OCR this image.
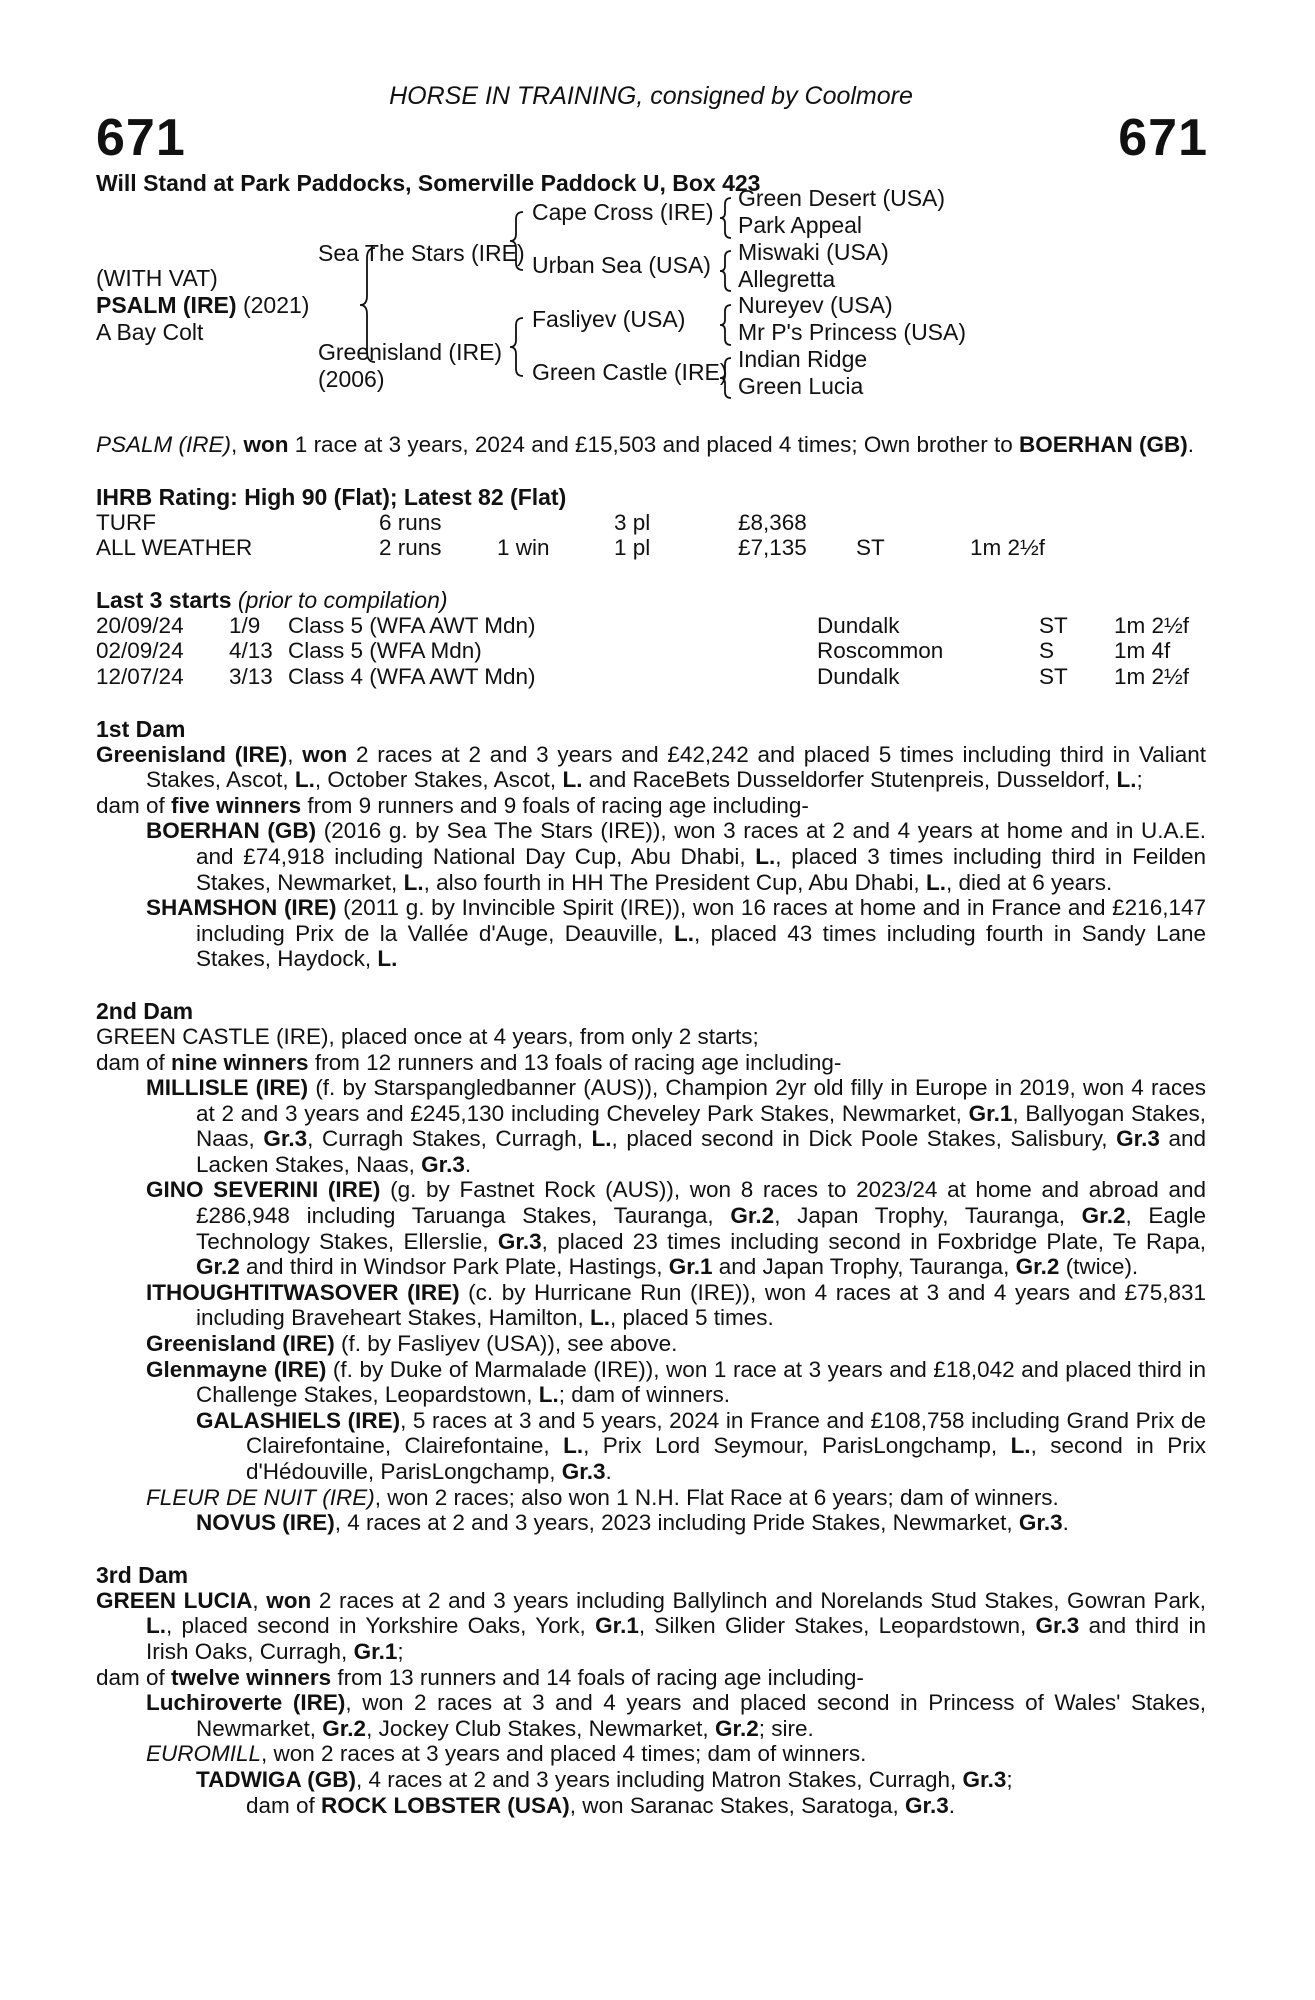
HORSE IN TRAINING, consigned by Coolmore
671	671
Will Stand at Park Paddocks, Somerville Paddock U, Box 423
(WITH VAT)
PSALM (IRE) (2021)
A Bay Colt
Sea The Stars (IRE)
Greenisland (IRE)
(2006)
Cape Cross (IRE)
Urban Sea (USA)
Fasliyev (USA)
Green Castle (IRE)
Green Desert (USA)
Park Appeal
Miswaki (USA)
Allegretta
Nureyev (USA)
Mr P's Princess (USA)
Indian Ridge
Green Lucia
PSALM (IRE), won 1 race at 3 years, 2024 and £15,503 and placed 4 times; Own brother to BOERHAN (GB).
IHRB Rating: High 90 (Flat); Latest 82 (Flat)
TURF	6 runs	3 pl	£8,368
ALL WEATHER	2 runs 1 win	1 pl	£7,135 ST	1m 2½f
Last 3 starts (prior to compilation)
20/09/24 1/9 Class 5 (WFA AWT Mdn)	Dundalk	ST 1m 2½f
02/09/24 4/13 Class 5 (WFA Mdn)	Roscommon	S	1m 4f
12/07/24 3/13 Class 4 (WFA AWT Mdn)	Dundalk	ST 1m 2½f
1st Dam
Greenisland (IRE), won 2 races at 2 and 3 years and £42,242 and placed 5 times including third in Valiant Stakes, Ascot, L., October Stakes, Ascot, L. and RaceBets Dusseldorfer Stutenpreis, Dusseldorf, L.;
dam of five winners from 9 runners and 9 foals of racing age including-
BOERHAN (GB) (2016 g. by Sea The Stars (IRE)), won 3 races at 2 and 4 years at home and in U.A.E. and £74,918 including National Day Cup, Abu Dhabi, L., placed 3 times including third in Feilden Stakes, Newmarket, L., also fourth in HH The President Cup, Abu Dhabi, L., died at 6 years.
SHAMSHON (IRE) (2011 g. by Invincible Spirit (IRE)), won 16 races at home and in France and £216,147 including Prix de la Vallée d'Auge, Deauville, L., placed 43 times including fourth in Sandy Lane Stakes, Haydock, L.
2nd Dam
GREEN CASTLE (IRE), placed once at 4 years, from only 2 starts;
dam of nine winners from 12 runners and 13 foals of racing age including-
MILLISLE (IRE) (f. by Starspangledbanner (AUS)), Champion 2yr old filly in Europe in 2019, won 4 races at 2 and 3 years and £245,130 including Cheveley Park Stakes, Newmarket, Gr.1, Ballyogan Stakes, Naas, Gr.3, Curragh Stakes, Curragh, L., placed second in Dick Poole Stakes, Salisbury, Gr.3 and Lacken Stakes, Naas, Gr.3.
GINO SEVERINI (IRE) (g. by Fastnet Rock (AUS)), won 8 races to 2023/24 at home and abroad and £286,948 including Taruanga Stakes, Tauranga, Gr.2, Japan Trophy, Tauranga, Gr.2, Eagle Technology Stakes, Ellerslie, Gr.3, placed 23 times including second in Foxbridge Plate, Te Rapa, Gr.2 and third in Windsor Park Plate, Hastings, Gr.1 and Japan Trophy, Tauranga, Gr.2 (twice).
ITHOUGHTITWASOVER (IRE) (c. by Hurricane Run (IRE)), won 4 races at 3 and 4 years and £75,831 including Braveheart Stakes, Hamilton, L., placed 5 times.
Greenisland (IRE) (f. by Fasliyev (USA)), see above.
Glenmayne (IRE) (f. by Duke of Marmalade (IRE)), won 1 race at 3 years and £18,042 and placed third in Challenge Stakes, Leopardstown, L.; dam of winners.
GALASHIELS (IRE), 5 races at 3 and 5 years, 2024 in France and £108,758 including Grand Prix de Clairefontaine, Clairefontaine, L., Prix Lord Seymour, ParisLongchamp, L., second in Prix d'Hédouville, ParisLongchamp, Gr.3.
FLEUR DE NUIT (IRE), won 2 races; also won 1 N.H. Flat Race at 6 years; dam of winners.
NOVUS (IRE), 4 races at 2 and 3 years, 2023 including Pride Stakes, Newmarket, Gr.3.
3rd Dam
GREEN LUCIA, won 2 races at 2 and 3 years including Ballylinch and Norelands Stud Stakes, Gowran Park, L., placed second in Yorkshire Oaks, York, Gr.1, Silken Glider Stakes, Leopardstown, Gr.3 and third in Irish Oaks, Curragh, Gr.1;
dam of twelve winners from 13 runners and 14 foals of racing age including-
Luchiroverte (IRE), won 2 races at 3 and 4 years and placed second in Princess of Wales' Stakes, Newmarket, Gr.2, Jockey Club Stakes, Newmarket, Gr.2; sire.
EUROMILL, won 2 races at 3 years and placed 4 times; dam of winners.
TADWIGA (GB), 4 races at 2 and 3 years including Matron Stakes, Curragh, Gr.3;
dam of ROCK LOBSTER (USA), won Saranac Stakes, Saratoga, Gr.3.
